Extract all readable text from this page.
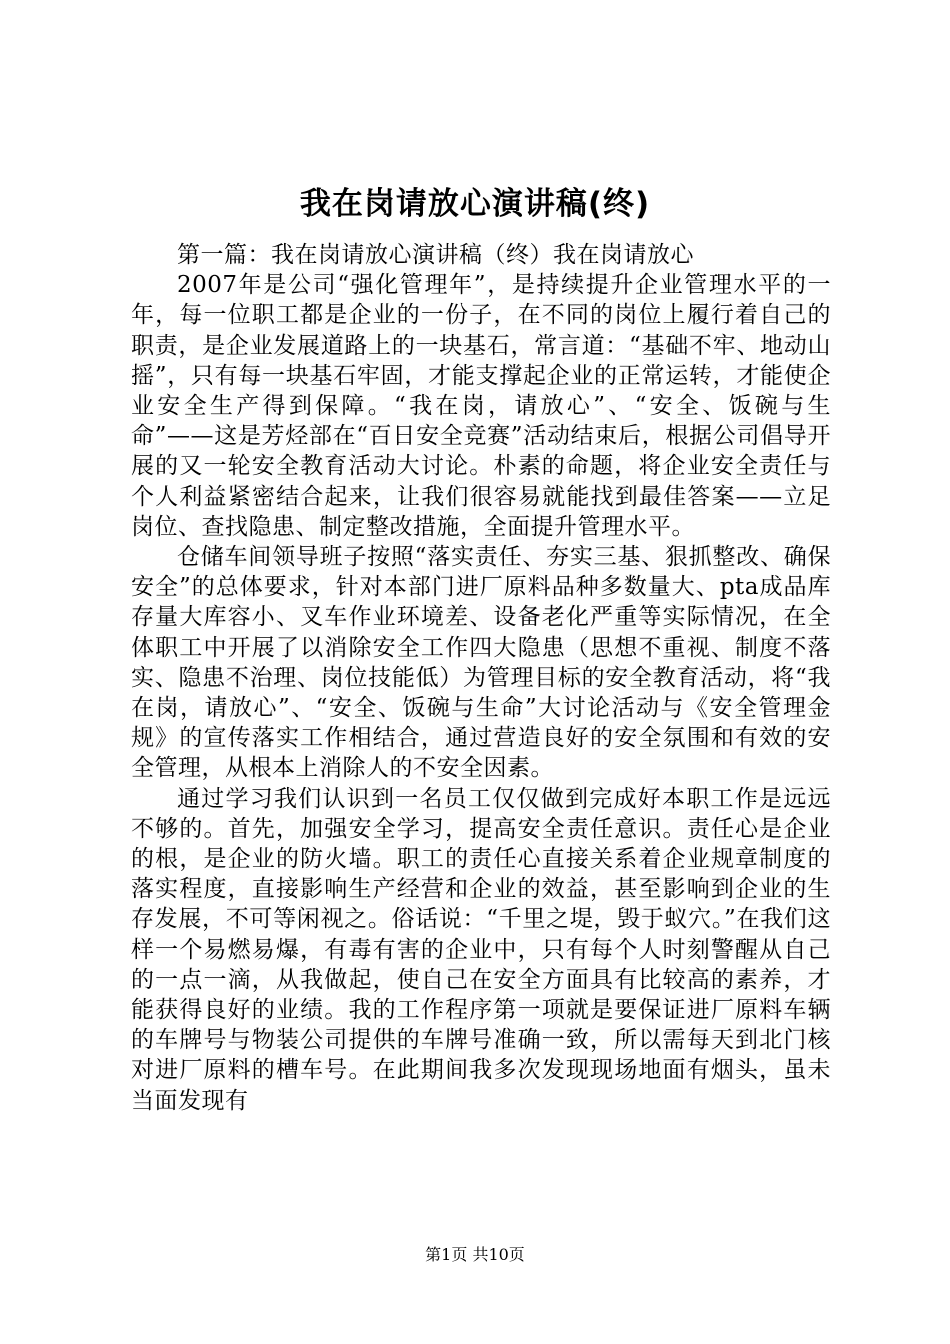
我在岗请放心演讲稿(终)

第一篇：我在岗请放心演讲稿（终）我在岗请放心

2007年是公司“强化管理年”，是持续提升企业管理水平的一年，每一位职工都是企业的一份子，在不同的岗位上履行着自己的职责，是企业发展道路上的一块基石，常言道：“基础不牢、地动山摇”，只有每一块基石牢固，才能支撑起企业的正常运转，才能使企业安全生产得到保障。“我在岗，请放心”、“安全、饭碗与生命”——这是芳烃部在“百日安全竞赛”活动结束后，根据公司倡导开展的又一轮安全教育活动大讨论。朴素的命题，将企业安全责任与个人利益紧密结合起来，让我们很容易就能找到最佳答案——立足岗位、查找隐患、制定整改措施，全面提升管理水平。

仓储车间领导班子按照“落实责任、夯实三基、狠抓整改、确保安全”的总体要求，针对本部门进厂原料品种多数量大、pta成品库存量大库容小、叉车作业环境差、设备老化严重等实际情况，在全体职工中开展了以消除安全工作四大隐患（思想不重视、制度不落实、隐患不治理、岗位技能低）为管理目标的安全教育活动，将“我在岗，请放心”、“安全、饭碗与生命”大讨论活动与《安全管理金规》的宣传落实工作相结合，通过营造良好的安全氛围和有效的安全管理，从根本上消除人的不安全因素。

通过学习我们认识到一名员工仅仅做到完成好本职工作是远远不够的。首先，加强安全学习，提高安全责任意识。责任心是企业的根，是企业的防火墙。职工的责任心直接关系着企业规章制度的落实程度，直接影响生产经营和企业的效益，甚至影响到企业的生存发展，不可等闲视之。俗话说：“千里之堤，毁于蚁穴。”在我们这样一个易燃易爆，有毒有害的企业中，只有每个人时刻警醒从自己的一点一滴，从我做起，使自己在安全方面具有比较高的素养，才能获得良好的业绩。我的工作程序第一项就是要保证进厂原料车辆的车牌号与物装公司提供的车牌号准确一致，所以需每天到北门核对进厂原料的槽车号。在此期间我多次发现现场地面有烟头，虽未当面发现有

第1页 共10页
